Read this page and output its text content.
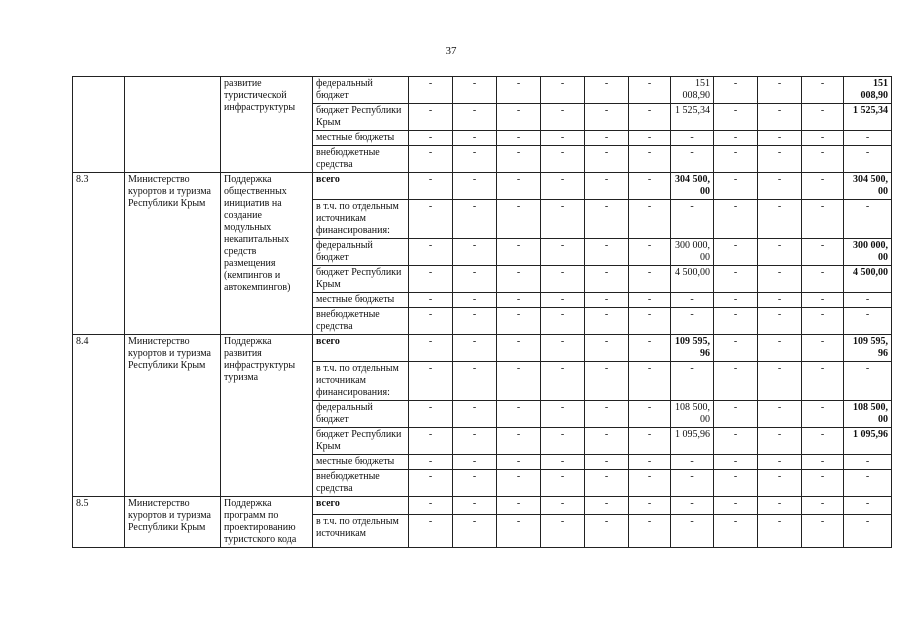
37
		развитие туристической инфраструктуры	федеральный бюджет	-	-	-	-	-	-	151 008,90	-	-	-	151 008,90
			бюджет Республики Крым	-	-	-	-	-	-	1 525,34	-	-	-	1 525,34
			местные бюджеты	-	-	-	-	-	-	-	-	-	-	-
			внебюджетные средства	-	-	-	-	-	-	-	-	-	-	-
8.3	Министерство курортов и туризма Республики Крым	Поддержка общественных инициатив на создание модульных некапитальных средств размещения (кемпингов и автокемпингов)	всего	-	-	-	-	-	-	304 500, 00	-	-	-	304 500, 00
			в т.ч. по отдельным источникам финансирования:	-	-	-	-	-	-	-	-	-	-	-
			федеральный бюджет	-	-	-	-	-	-	300 000, 00	-	-	-	300 000, 00
			бюджет Республики Крым	-	-	-	-	-	-	4 500,00	-	-	-	4 500,00
			местные бюджеты	-	-	-	-	-	-	-	-	-	-	-
			внебюджетные средства	-	-	-	-	-	-	-	-	-	-	-
8.4	Министерство курортов и туризма Республики Крым	Поддержка развития инфраструктуры туризма	всего	-	-	-	-	-	-	109 595, 96	-	-	-	109 595, 96
			в т.ч. по отдельным источникам финансирования:	-	-	-	-	-	-	-	-	-	-	-
			федеральный бюджет	-	-	-	-	-	-	108 500, 00	-	-	-	108 500, 00
			бюджет Республики Крым	-	-	-	-	-	-	1 095,96	-	-	-	1 095,96
			местные бюджеты	-	-	-	-	-	-	-	-	-	-	-
			внебюджетные средства	-	-	-	-	-	-	-	-	-	-	-
8.5	Министерство курортов и туризма Республики Крым	Поддержка программ по проектированию туристского кода	всего	-	-	-	-	-	-	-	-	-	-	-
			в т.ч. по отдельным источникам	-	-	-	-	-	-	-	-	-	-	-
